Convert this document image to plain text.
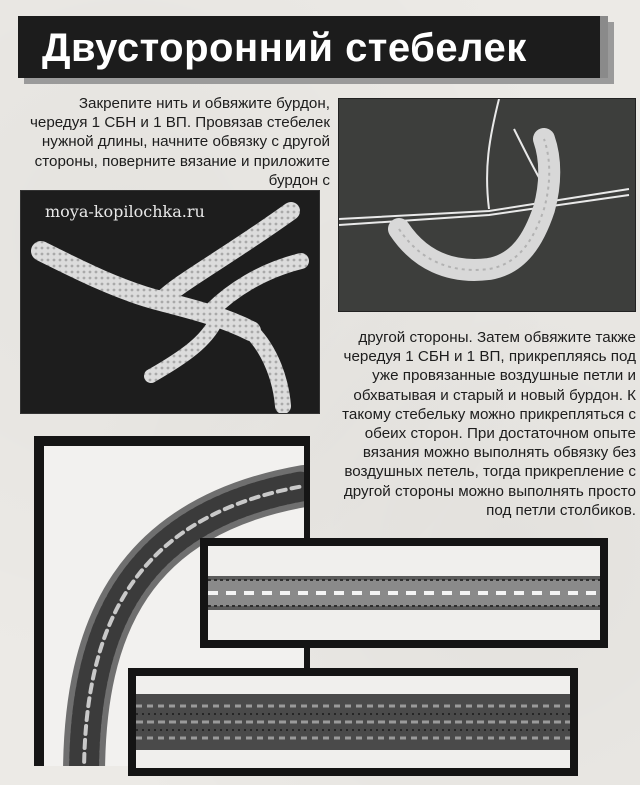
Двусторонний стебелек
Закрепите нить и обвяжите бурдон, чередуя 1 СБН и 1 ВП. Провязав стебелек нужной длины, начните обвязку с другой стороны, поверните вязание и приложите бурдон с
moya-kopilochka.ru
другой стороны. Затем обвяжите также чередуя 1 СБН и 1 ВП, прикрепляясь под уже провязанные воздушные петли и обхватывая и старый и новый бурдон. К такому стебельку можно прикрепляться с обеих сторон. При достаточном опыте вязания можно выполнять обвязку без воздушных петель, тогда прикрепление с другой стороны можно выполнять просто под петли столбиков.
